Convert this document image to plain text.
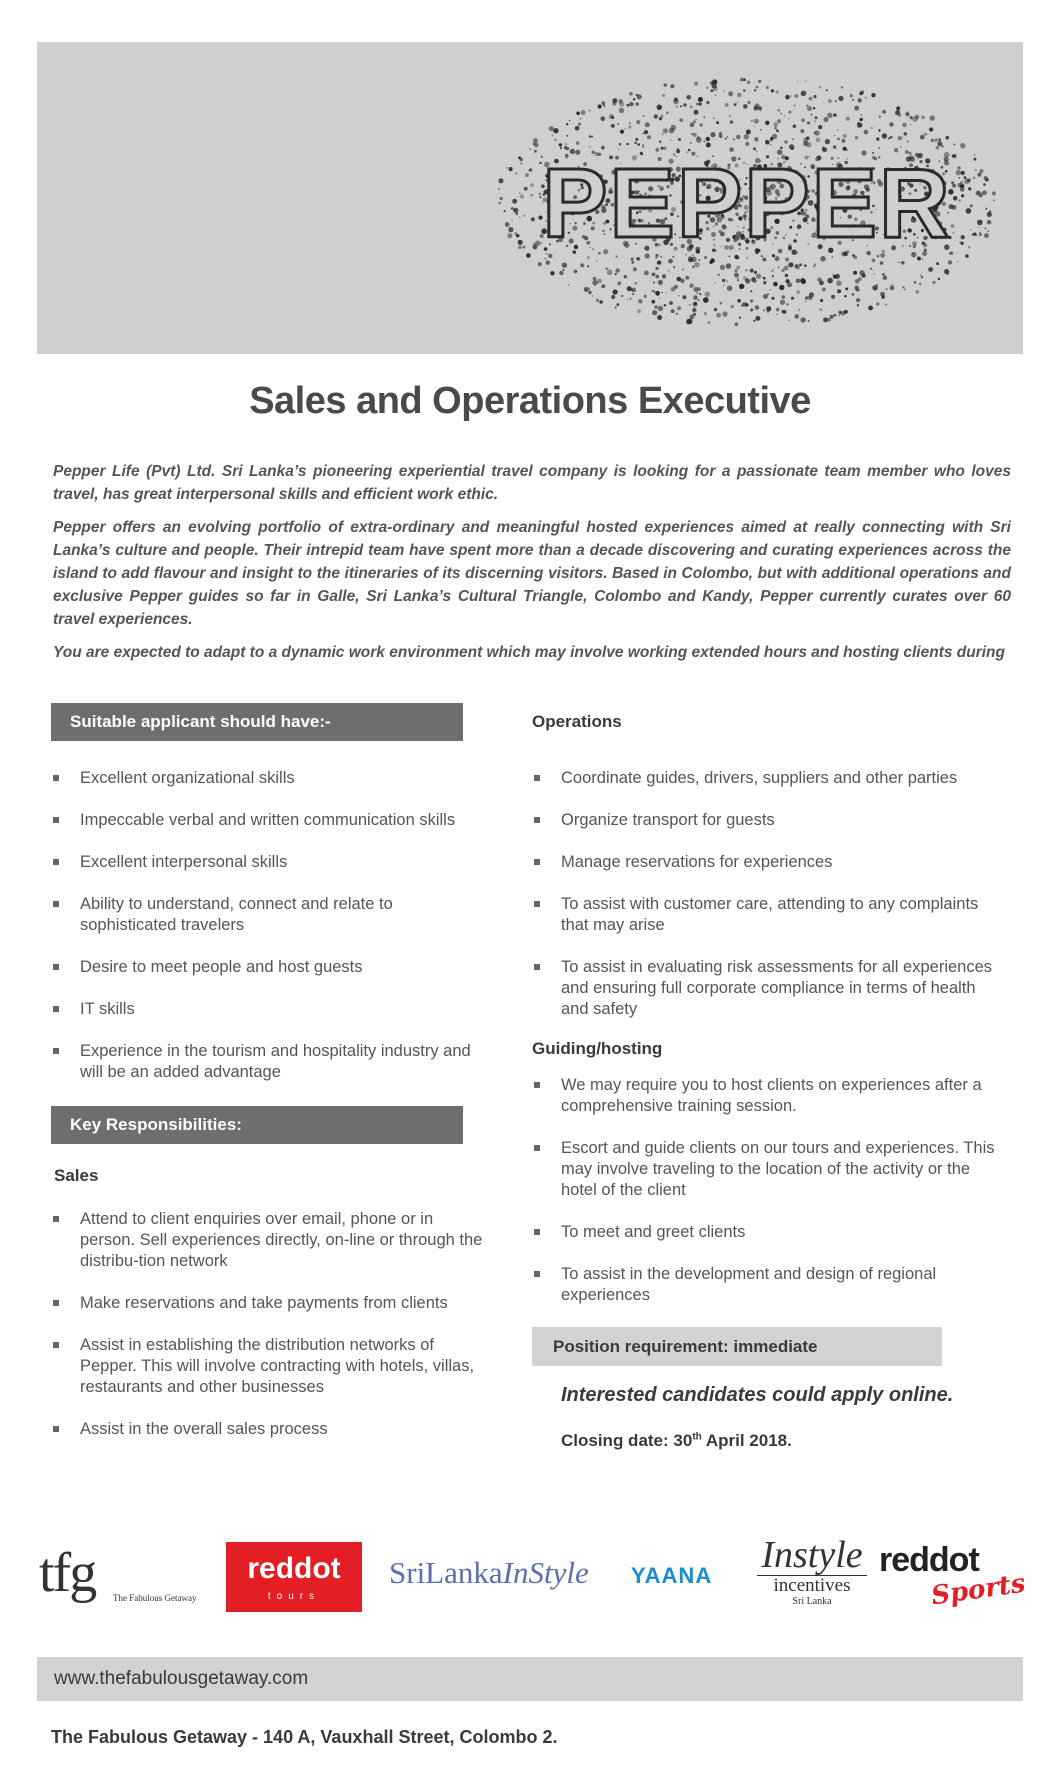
PEPPER
Sales and Operations Executive

Pepper Life (Pvt) Ltd. Sri Lanka’s pioneering experiential travel company is looking for a passionate team member who loves travel, has great interpersonal skills and efficient work ethic.

Pepper offers an evolving portfolio of extra-ordinary and meaningful hosted experiences aimed at really connecting with Sri Lanka’s culture and people. Their intrepid team have spent more than a decade discovering and curating experiences across the island to add flavour and insight to the itineraries of its discerning visitors. Based in Colombo, but with additional operations and exclusive Pepper guides so far in Galle, Sri Lanka’s Cultural Triangle, Colombo and Kandy, Pepper currently curates over 60 travel experiences.

You are expected to adapt to a dynamic work environment which may involve working extended hours and hosting clients during

Suitable applicant should have:-
Excellent organizational skills
Impeccable verbal and written communication skills
Excellent interpersonal skills
Ability to understand, connect and relate to sophisticated travelers
Desire to meet people and host guests
IT skills
Experience in the tourism and hospitality industry and will be an added advantage
Key Responsibilities:
Sales
Attend to client enquiries over email, phone or in person. Sell experiences directly, on-line or through the distribu-tion network
Make reservations and take payments from clients
Assist in establishing the distribution networks of Pepper. This will involve contracting with hotels, villas, restaurants and other businesses
Assist in the overall sales process
Operations
Coordinate guides, drivers, suppliers and other parties
Organize transport for guests
Manage reservations for experiences
To assist with customer care, attending to any complaints that may arise
To assist in evaluating risk assessments for all experiences and ensuring full corporate compliance in terms of health and safety
Guiding/hosting
We may require you to host clients on experiences after a comprehensive training session.
Escort and guide clients on our tours and experiences. This may involve traveling to the location of the activity or the hotel of the client
To meet and greet clients
To assist in the development and design of regional experiences
Position requirement: immediate
Interested candidates could apply online.
Closing date: 30th April 2018.
tfg	The Fabulous Getaway
reddot
tours
SriLankaInStyle YAANA Instyle
incentives
Sri Lanka
reddot
Sports
www.thefabulousgetaway.com
The Fabulous Getaway - 140 A, Vauxhall Street, Colombo 2.
